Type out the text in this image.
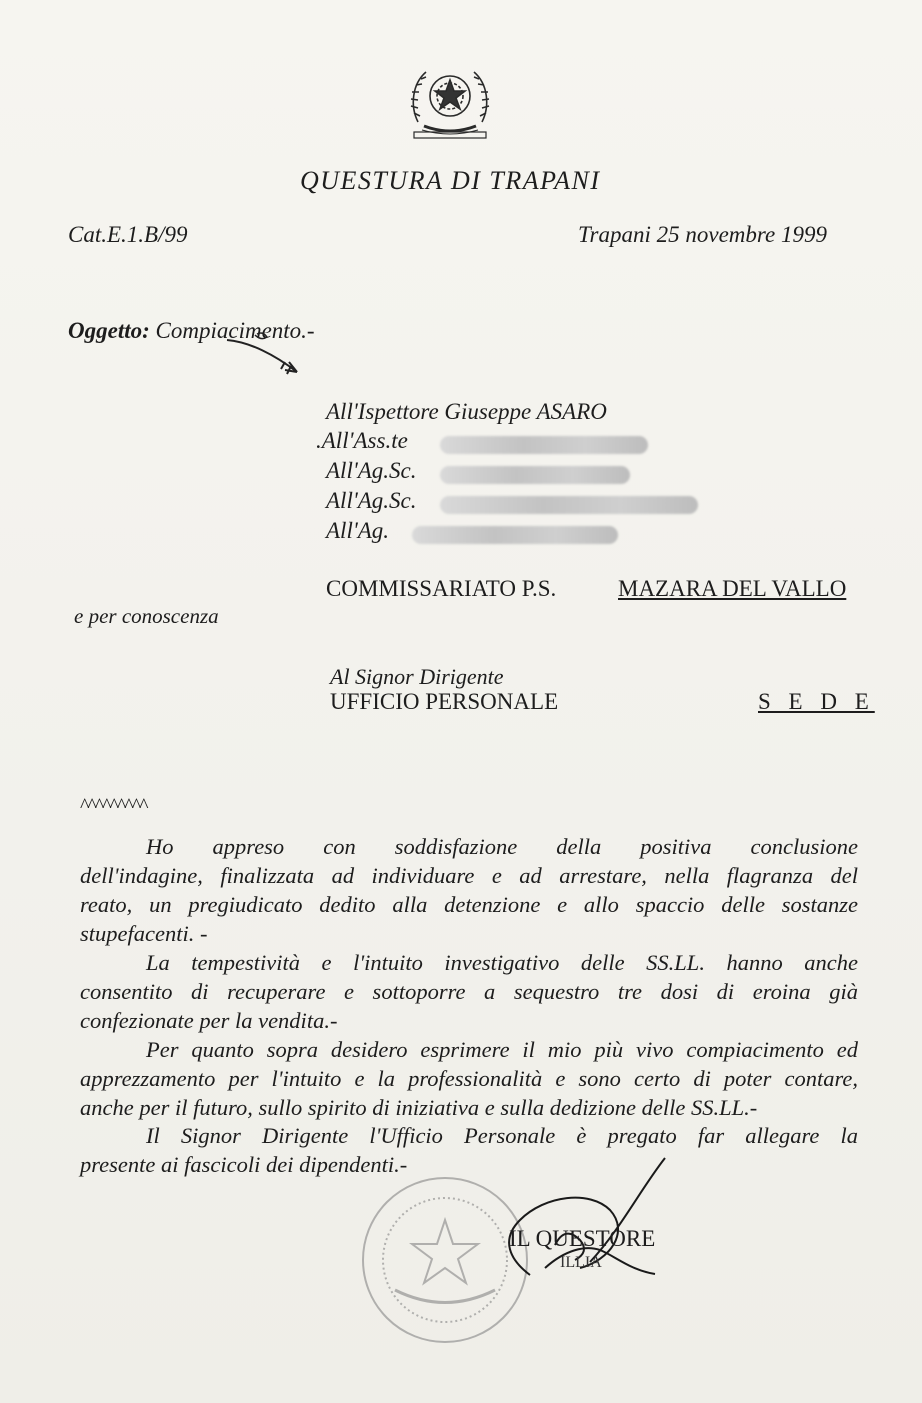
QUESTURA DI TRAPANI
Cat.E.1.B/99	Trapani 25 novembre 1999
Oggetto: Compiacimento.-
All'Ispettore Giuseppe ASARO
.All'Ass.te
All'Ag.Sc.
All'Ag.Sc.
All'Ag.
COMMISSARIATO P.S.	MAZARA DEL VALLO
e per conoscenza
Al Signor Dirigente
UFFICIO PERSONALE	S E D E
^^^^^^^^^
Ho appreso con soddisfazione della positiva conclusione
dell'indagine, finalizzata ad individuare e ad arrestare, nella flagranza del
reato, un pregiudicato dedito alla detenzione e allo spaccio delle sostanze
stupefacenti. -
La tempestività e l'intuito investigativo delle SS.LL. hanno anche
consentito di recuperare e sottoporre a sequestro tre dosi di eroina già
confezionate per la vendita.-
Per quanto sopra desidero esprimere il mio più vivo compiacimento ed
apprezzamento per l'intuito e la professionalità e sono certo di poter contare,
anche per il futuro, sullo spirito di iniziativa e sulla dedizione delle SS.LL.-
Il Signor Dirigente l'Ufficio Personale è pregato far allegare la
presente ai fascicoli dei dipendenti.-
IL QUESTORE
ILLIA
